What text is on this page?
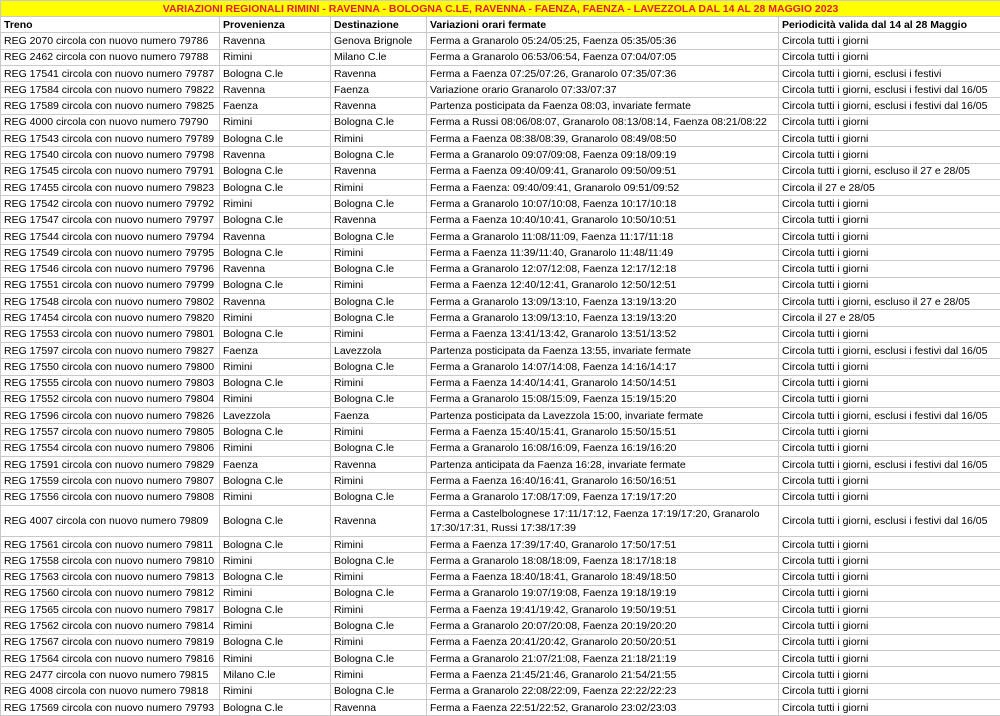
VARIAZIONI REGIONALI RIMINI - RAVENNA - BOLOGNA C.LE, RAVENNA - FAENZA, FAENZA - LAVEZZOLA DAL 14 AL 28 MAGGIO 2023				
Treno	Provenienza	Destinazione	Variazioni orari fermate	Periodicità valida dal 14 al 28 Maggio
REG 2070 circola con nuovo numero 79786	Ravenna	Genova Brignole	Ferma a Granarolo 05:24/05:25, Faenza 05:35/05:36	Circola tutti i giorni
REG 2462 circola con nuovo numero 79788	Rimini	Milano C.le	Ferma a Granarolo 06:53/06:54, Faenza 07:04/07:05	Circola tutti i giorni
REG 17541 circola con nuovo numero 79787	Bologna C.le	Ravenna	Ferma a Faenza 07:25/07:26, Granarolo 07:35/07:36	Circola tutti i giorni, esclusi i festivi
REG 17584 circola con nuovo numero 79822	Ravenna	Faenza	Variazione orario Granarolo 07:33/07:37	Circola tutti i giorni, esclusi i festivi dal 16/05
REG 17589 circola con nuovo numero 79825	Faenza	Ravenna	Partenza posticipata da Faenza 08:03, invariate fermate	Circola tutti i giorni, esclusi i festivi dal 16/05
REG 4000 circola con nuovo numero 79790	Rimini	Bologna C.le	Ferma a Russi 08:06/08:07, Granarolo 08:13/08:14, Faenza 08:21/08:22	Circola tutti i giorni
REG 17543 circola con nuovo numero 79789	Bologna C.le	Rimini	Ferma a Faenza 08:38/08:39, Granarolo 08:49/08:50	Circola tutti i giorni
REG 17540 circola con nuovo numero 79798	Ravenna	Bologna C.le	Ferma a Granarolo 09:07/09:08, Faenza 09:18/09:19	Circola tutti i giorni
REG 17545 circola con nuovo numero 79791	Bologna C.le	Ravenna	Ferma a Faenza 09:40/09:41, Granarolo 09:50/09:51	Circola tutti i giorni, escluso il 27 e 28/05
REG 17455 circola con nuovo numero 79823	Bologna C.le	Rimini	Ferma a Faenza: 09:40/09:41, Granarolo 09:51/09:52	Circola il 27 e 28/05
REG 17542 circola con nuovo numero 79792	Rimini	Bologna C.le	Ferma a Granarolo 10:07/10:08, Faenza 10:17/10:18	Circola tutti i giorni
REG 17547 circola con nuovo numero 79797	Bologna C.le	Ravenna	Ferma a Faenza 10:40/10:41, Granarolo 10:50/10:51	Circola tutti i giorni
REG 17544 circola con nuovo numero 79794	Ravenna	Bologna C.le	Ferma a Granarolo 11:08/11:09, Faenza 11:17/11:18	Circola tutti i giorni
REG 17549 circola con nuovo numero 79795	Bologna C.le	Rimini	Ferma a Faenza 11:39/11:40, Granarolo 11:48/11:49	Circola tutti i giorni
REG 17546 circola con nuovo numero 79796	Ravenna	Bologna C.le	Ferma a Granarolo 12:07/12:08, Faenza 12:17/12:18	Circola tutti i giorni
REG 17551 circola con nuovo numero 79799	Bologna C.le	Rimini	Ferma a Faenza 12:40/12:41, Granarolo 12:50/12:51	Circola tutti i giorni
REG 17548 circola con nuovo numero 79802	Ravenna	Bologna C.le	Ferma a Granarolo 13:09/13:10, Faenza 13:19/13:20	Circola tutti i giorni, escluso il 27 e 28/05
REG 17454 circola con nuovo numero 79820	Rimini	Bologna C.le	Ferma a Granarolo 13:09/13:10, Faenza 13:19/13:20	Circola il 27 e 28/05
REG 17553 circola con nuovo numero 79801	Bologna C.le	Rimini	Ferma a Faenza 13:41/13:42, Granarolo 13:51/13:52	Circola tutti i giorni
REG 17597 circola con nuovo numero 79827	Faenza	Lavezzola	Partenza posticipata da Faenza 13:55, invariate fermate	Circola tutti i giorni, esclusi i festivi dal 16/05
REG 17550 circola con nuovo numero 79800	Rimini	Bologna C.le	Ferma a Granarolo 14:07/14:08, Faenza 14:16/14:17	Circola tutti i giorni
REG 17555 circola con nuovo numero 79803	Bologna C.le	Rimini	Ferma a Faenza 14:40/14:41, Granarolo 14:50/14:51	Circola tutti i giorni
REG 17552 circola con nuovo numero 79804	Rimini	Bologna C.le	Ferma a Granarolo 15:08/15:09, Faenza 15:19/15:20	Circola tutti i giorni
REG 17596 circola con nuovo numero 79826	Lavezzola	Faenza	Partenza posticipata da Lavezzola 15:00, invariate fermate	Circola tutti i giorni, esclusi i festivi dal 16/05
REG 17557 circola con nuovo numero 79805	Bologna C.le	Rimini	Ferma a Faenza 15:40/15:41, Granarolo 15:50/15:51	Circola tutti i giorni
REG 17554 circola con nuovo numero 79806	Rimini	Bologna C.le	Ferma a Granarolo 16:08/16:09, Faenza 16:19/16:20	Circola tutti i giorni
REG 17591 circola con nuovo numero 79829	Faenza	Ravenna	Partenza anticipata da Faenza 16:28, invariate fermate	Circola tutti i giorni, esclusi i festivi dal 16/05
REG 17559 circola con nuovo numero 79807	Bologna C.le	Rimini	Ferma a Faenza 16:40/16:41, Granarolo 16:50/16:51	Circola tutti i giorni
REG 17556 circola con nuovo numero 79808	Rimini	Bologna C.le	Ferma a Granarolo 17:08/17:09, Faenza 17:19/17:20	Circola tutti i giorni
REG 4007 circola con nuovo numero 79809	Bologna C.le	Ravenna	Ferma a Castelbolognese 17:11/17:12, Faenza 17:19/17:20, Granarolo 17:30/17:31, Russi 17:38/17:39	Circola tutti i giorni, esclusi i festivi dal 16/05
REG 17561 circola con nuovo numero 79811	Bologna C.le	Rimini	Ferma a Faenza 17:39/17:40, Granarolo 17:50/17:51	Circola tutti i giorni
REG 17558 circola con nuovo numero 79810	Rimini	Bologna C.le	Ferma a Granarolo 18:08/18:09, Faenza 18:17/18:18	Circola tutti i giorni
REG 17563 circola con nuovo numero 79813	Bologna C.le	Rimini	Ferma a Faenza 18:40/18:41, Granarolo 18:49/18:50	Circola tutti i giorni
REG 17560 circola con nuovo numero 79812	Rimini	Bologna C.le	Ferma a Granarolo 19:07/19:08, Faenza 19:18/19:19	Circola tutti i giorni
REG 17565 circola con nuovo numero 79817	Bologna C.le	Rimini	Ferma a Faenza 19:41/19:42, Granarolo 19:50/19:51	Circola tutti i giorni
REG 17562 circola con nuovo numero 79814	Rimini	Bologna C.le	Ferma a Granarolo 20:07/20:08, Faenza 20:19/20:20	Circola tutti i giorni
REG 17567 circola con nuovo numero 79819	Bologna C.le	Rimini	Ferma a Faenza 20:41/20:42, Granarolo 20:50/20:51	Circola tutti i giorni
REG 17564 circola con nuovo numero 79816	Rimini	Bologna C.le	Ferma a Granarolo 21:07/21:08, Faenza 21:18/21:19	Circola tutti i giorni
REG 2477 circola con nuovo numero 79815	Milano C.le	Rimini	Ferma a Faenza 21:45/21:46, Granarolo 21:54/21:55	Circola tutti i giorni
REG 4008 circola con nuovo numero 79818	Rimini	Bologna C.le	Ferma a Granarolo 22:08/22:09, Faenza 22:22/22:23	Circola tutti i giorni
REG 17569 circola con nuovo numero 79793	Bologna C.le	Ravenna	Ferma a Faenza 22:51/22:52, Granarolo 23:02/23:03	Circola tutti i giorni
